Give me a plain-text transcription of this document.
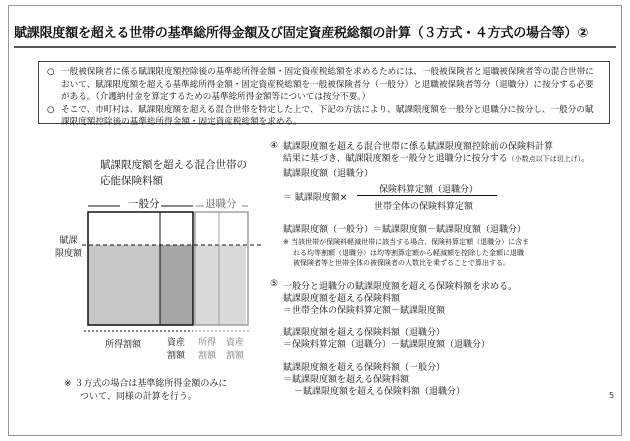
賦課限度額を超える世帯の基準総所得金額及び固定資産税総額の計算（３方式・４方式の場合等）②

○ 一般被保険者に係る賦課限度額控除後の基準総所得金額・固定資産税総額を求めるためには、一般被保険者と退職被保険者等の混合世帯において、賦課限度額を超える基準総所得金額・固定資産税総額を一般被保険者分（一般分）と退職被保険者等分（退職分）に按分する必要がある。（介護納付金を算定するための基準総所得金額等については按分不要。）

○ そこで、市町村は、賦課限度額を超える混合世帯を特定した上で、下記の方法により、賦課限度額を一般分と退職分に按分し、一般分の賦課限度額控除後の基準総所得金額・固定資産税総額を求める。

賦課限度額を超える混合世帯の
応能保険料額
一般分	退職分
賦課
限度額
所得割額	資産
割額
所得
割額
資産
割額
※ ３方式の場合は基準総所得金額のみに
ついて、同様の計算を行う。
④ 賦課限度額を超える混合世帯に係る賦課限度額控除前の保険料計算
結果に基づき、賦課限度額を一般分と退職分に按分する（小数点以下は切上げ）。
賦課限度額（退職分）
＝ 賦課限度額×
保険料算定額（退職分）
世帯全体の保険料算定額
賦課限度額（一般分）＝賦課限度額－賦課限度額（退職分）
※ 当該世帯が保険料軽減世帯に該当する場合、保険料算定額（退職分）に含ま
れる均等割額（退職分）は均等割算定額から軽減額を控除した金額に退職
被保険者等と世帯全体の被保険者の人数比を乗ずることで算出する。
⑤ 一般分と退職分の賦課限度額を超える保険料額を求める。
賦課限度額を超える保険料額
＝世帯全体の保険料算定額－賦課限度額
賦課限度額を超える保険料額（退職分）
＝保険料算定額（退職分）－賦課限度額（退職分）
賦課限度額を超える保険料額（一般分）
＝賦課限度額を超える保険料額
－賦課限度額を超える保険料額（退職分）	5
